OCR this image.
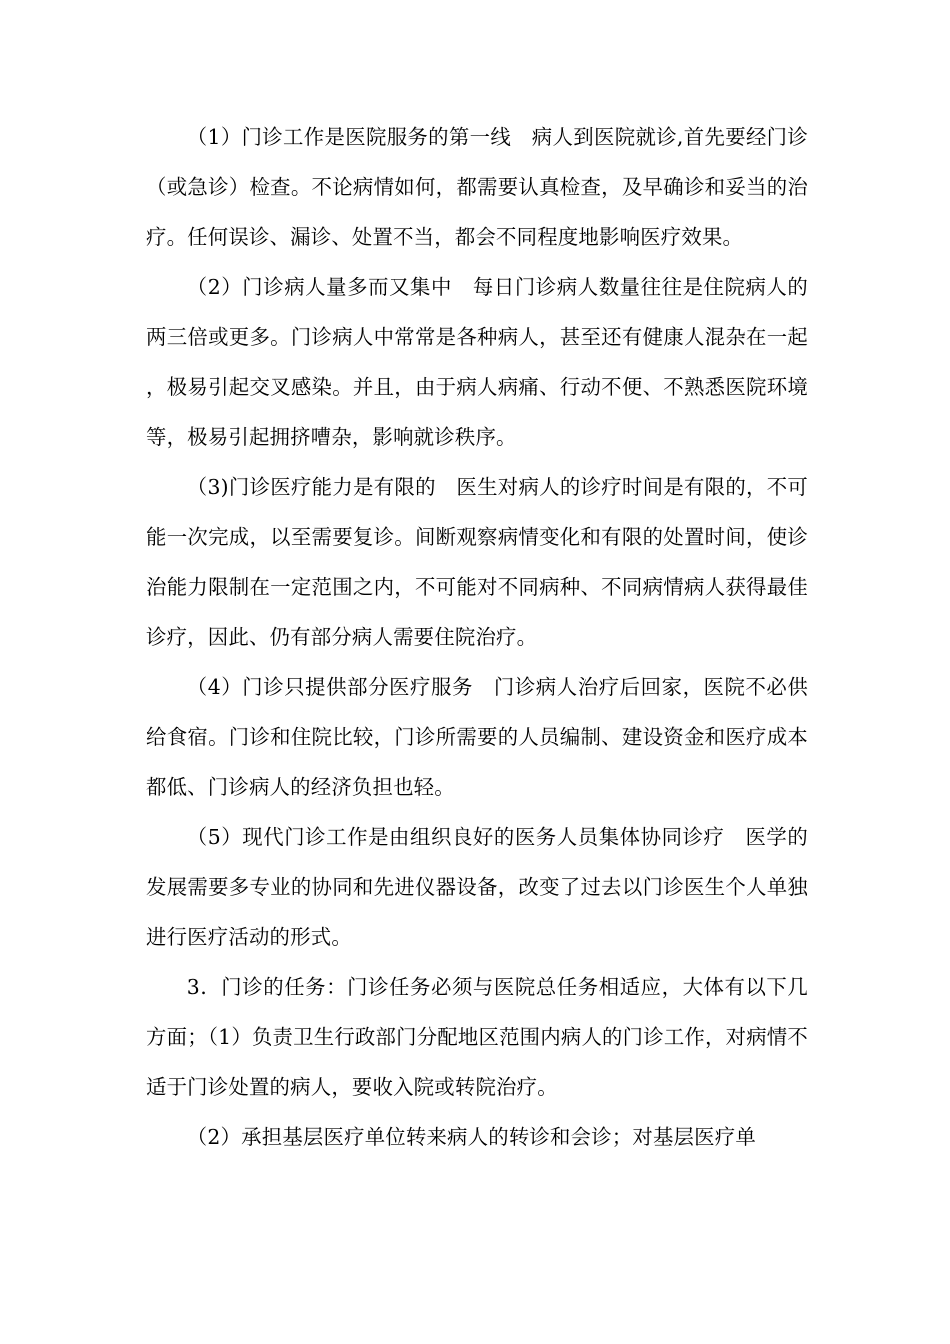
（1）门诊工作是医院服务的第一线　病人到医院就诊,首先要经门诊（或急诊）检查。不论病情如何，都需要认真检查，及早确诊和妥当的治疗。任何误诊、漏诊、处置不当，都会不同程度地影响医疗效果。

（2）门诊病人量多而又集中　每日门诊病人数量往往是住院病人的两三倍或更多。门诊病人中常常是各种病人，甚至还有健康人混杂在一起，极易引起交叉感染。并且，由于病人病痛、行动不便、不熟悉医院环境等，极易引起拥挤嘈杂，影响就诊秩序。

（3)门诊医疗能力是有限的　医生对病人的诊疗时间是有限的，不可能一次完成，以至需要复诊。间断观察病情变化和有限的处置时间，使诊治能力限制在一定范围之内，不可能对不同病种、不同病情病人获得最佳诊疗，因此、仍有部分病人需要住院治疗。

（4）门诊只提供部分医疗服务　门诊病人治疗后回家，医院不必供给食宿。门诊和住院比较，门诊所需要的人员编制、建设资金和医疗成本都低、门诊病人的经济负担也轻。

（5）现代门诊工作是由组织良好的医务人员集体协同诊疗　医学的发展需要多专业的协同和先进仪器设备，改变了过去以门诊医生个人单独进行医疗活动的形式。

3．门诊的任务：门诊任务必须与医院总任务相适应，大体有以下几方面；（1）负责卫生行政部门分配地区范围内病人的门诊工作，对病情不适于门诊处置的病人，要收入院或转院治疗。

（2）承担基层医疗单位转来病人的转诊和会诊；对基层医疗单
